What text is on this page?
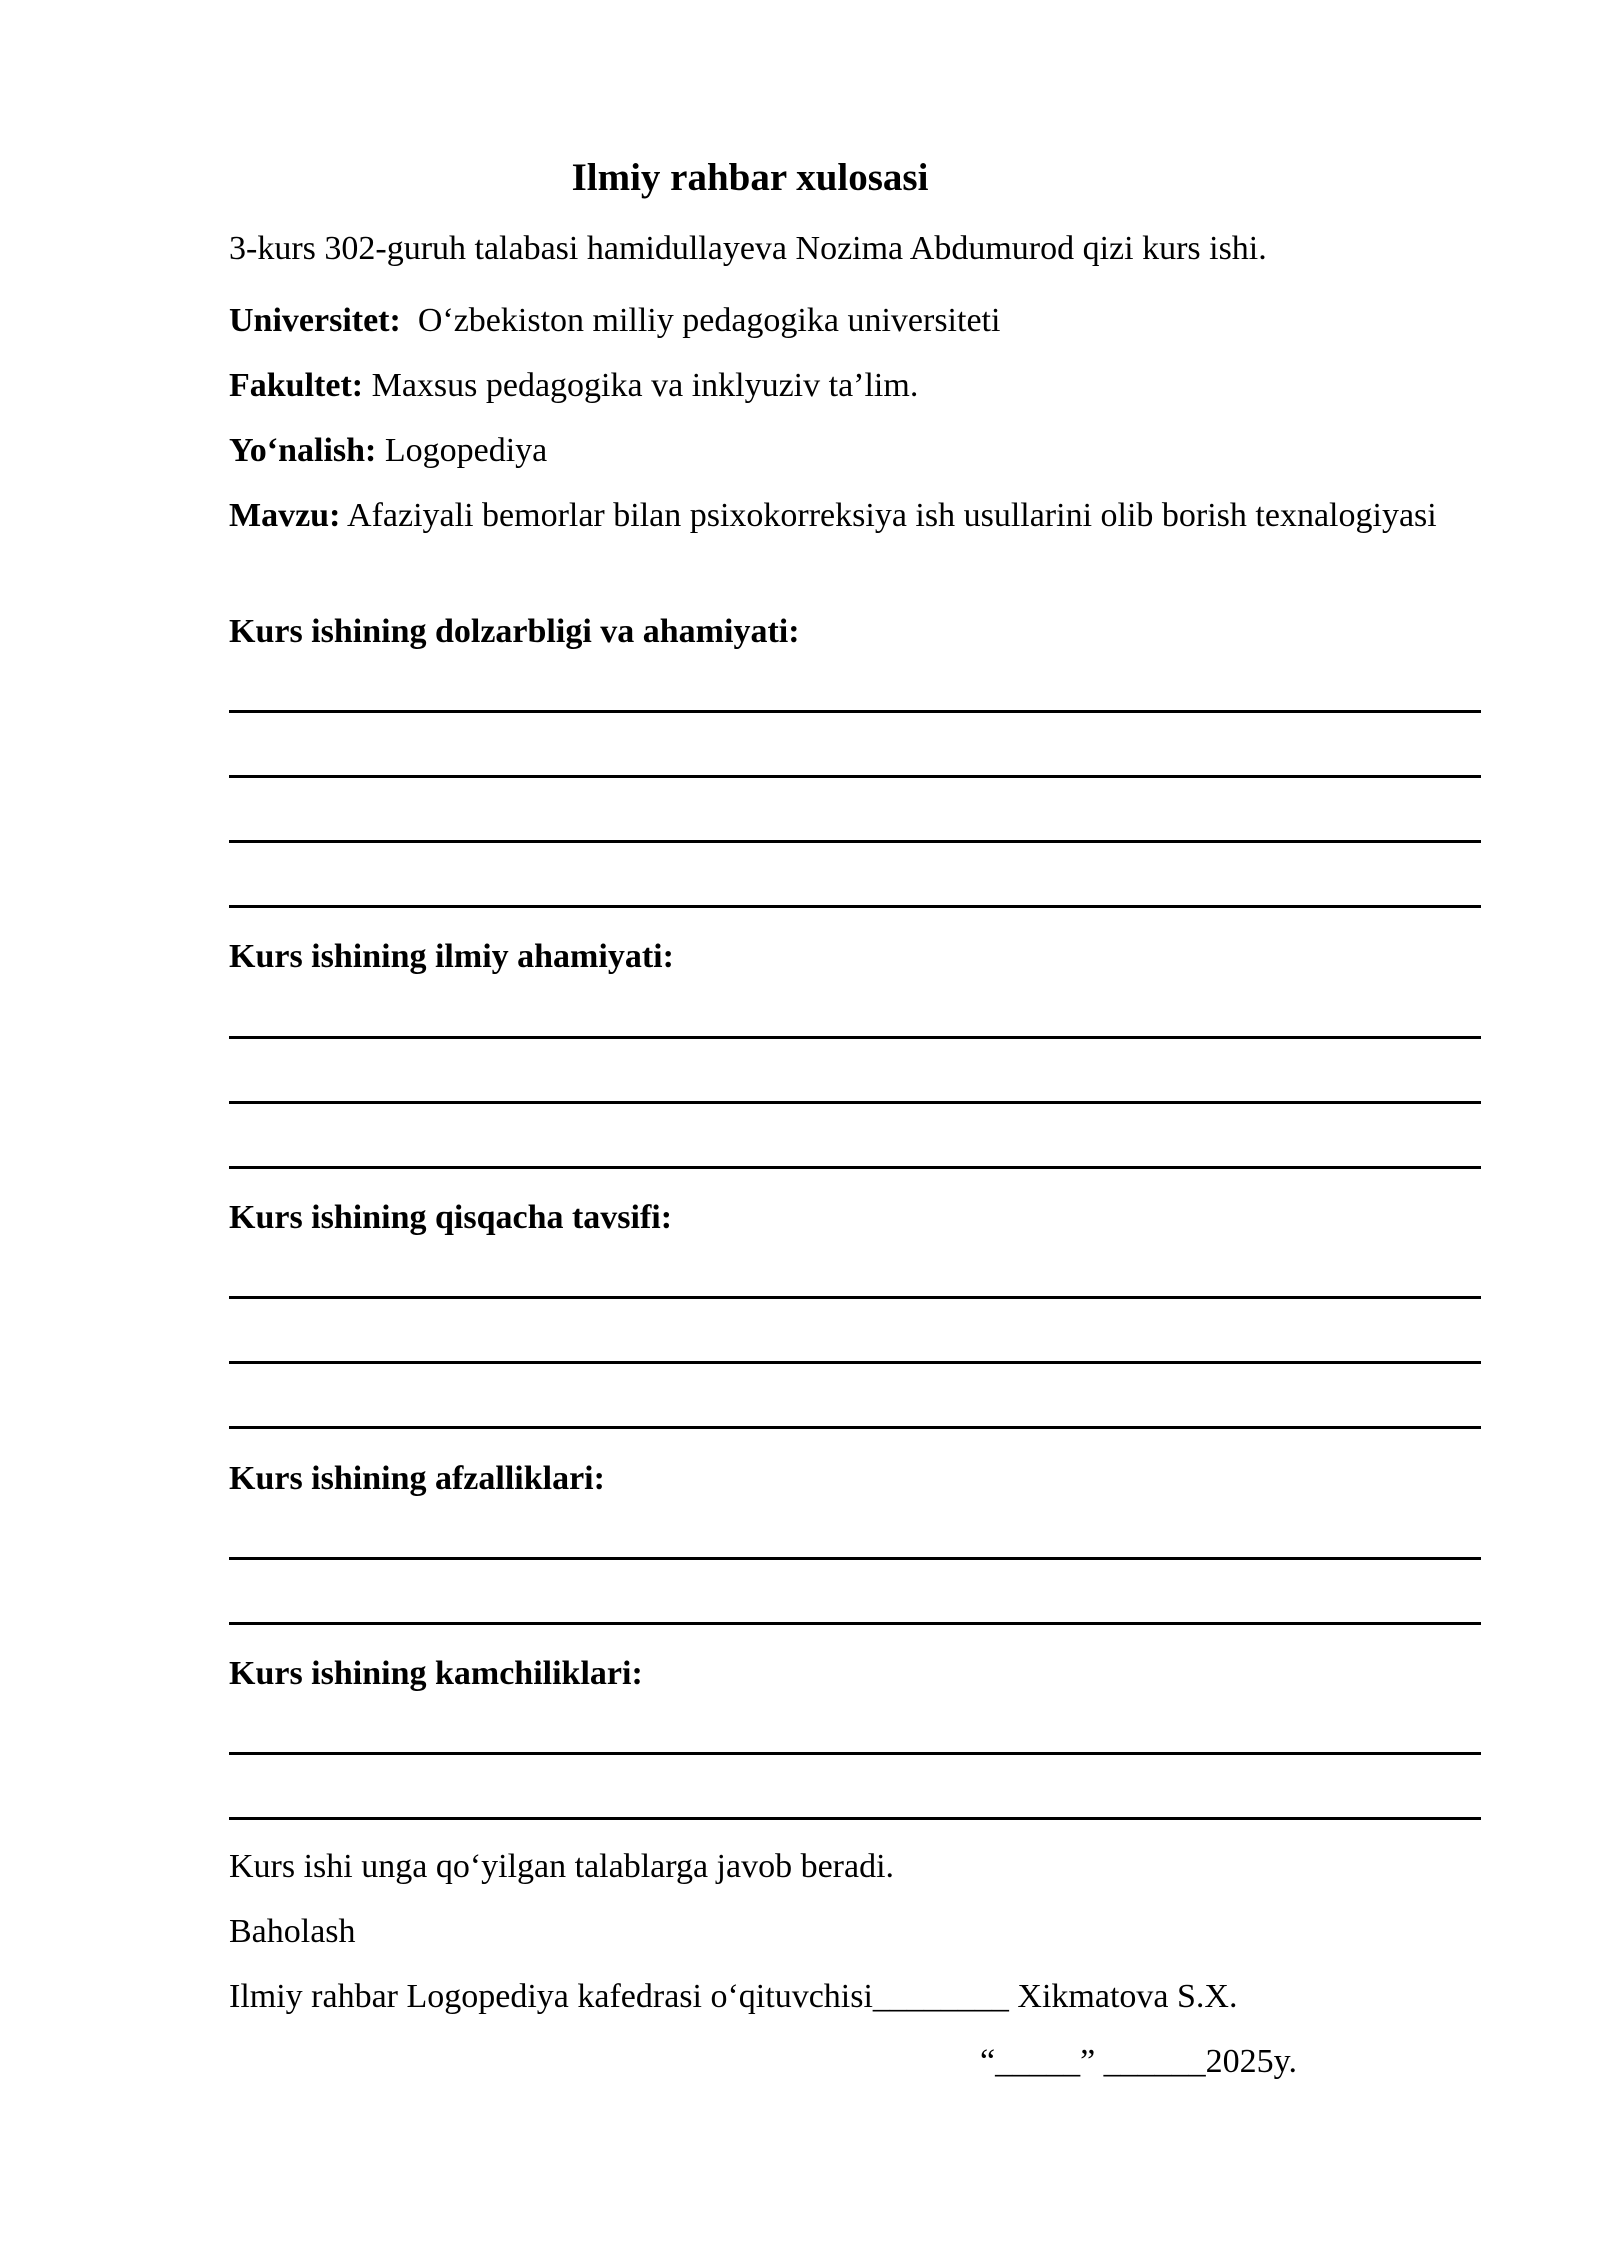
Ilmiy rahbar xulosasi
3-kurs 302-guruh talabasi hamidullayeva Nozima Abdumurod qizi kurs ishi.
Universitet: O‘zbekiston milliy pedagogika universiteti
Fakultet: Maxsus pedagogika va inklyuziv ta’lim.
Yo‘nalish: Logopediya
Mavzu: Afaziyali bemorlar bilan psixokorreksiya ish usullarini olib borish texnalogiyasi
Kurs ishining dolzarbligi va ahamiyati:
Kurs ishining ilmiy ahamiyati:
Kurs ishining qisqacha tavsifi:
Kurs ishining afzalliklari:
Kurs ishining kamchiliklari:
Kurs ishi unga qo‘yilgan talablarga javob beradi.
Baholash
Ilmiy rahbar Logopediya kafedrasi o‘qituvchisi________ Xikmatova S.X.
“_____” ______2025y.
